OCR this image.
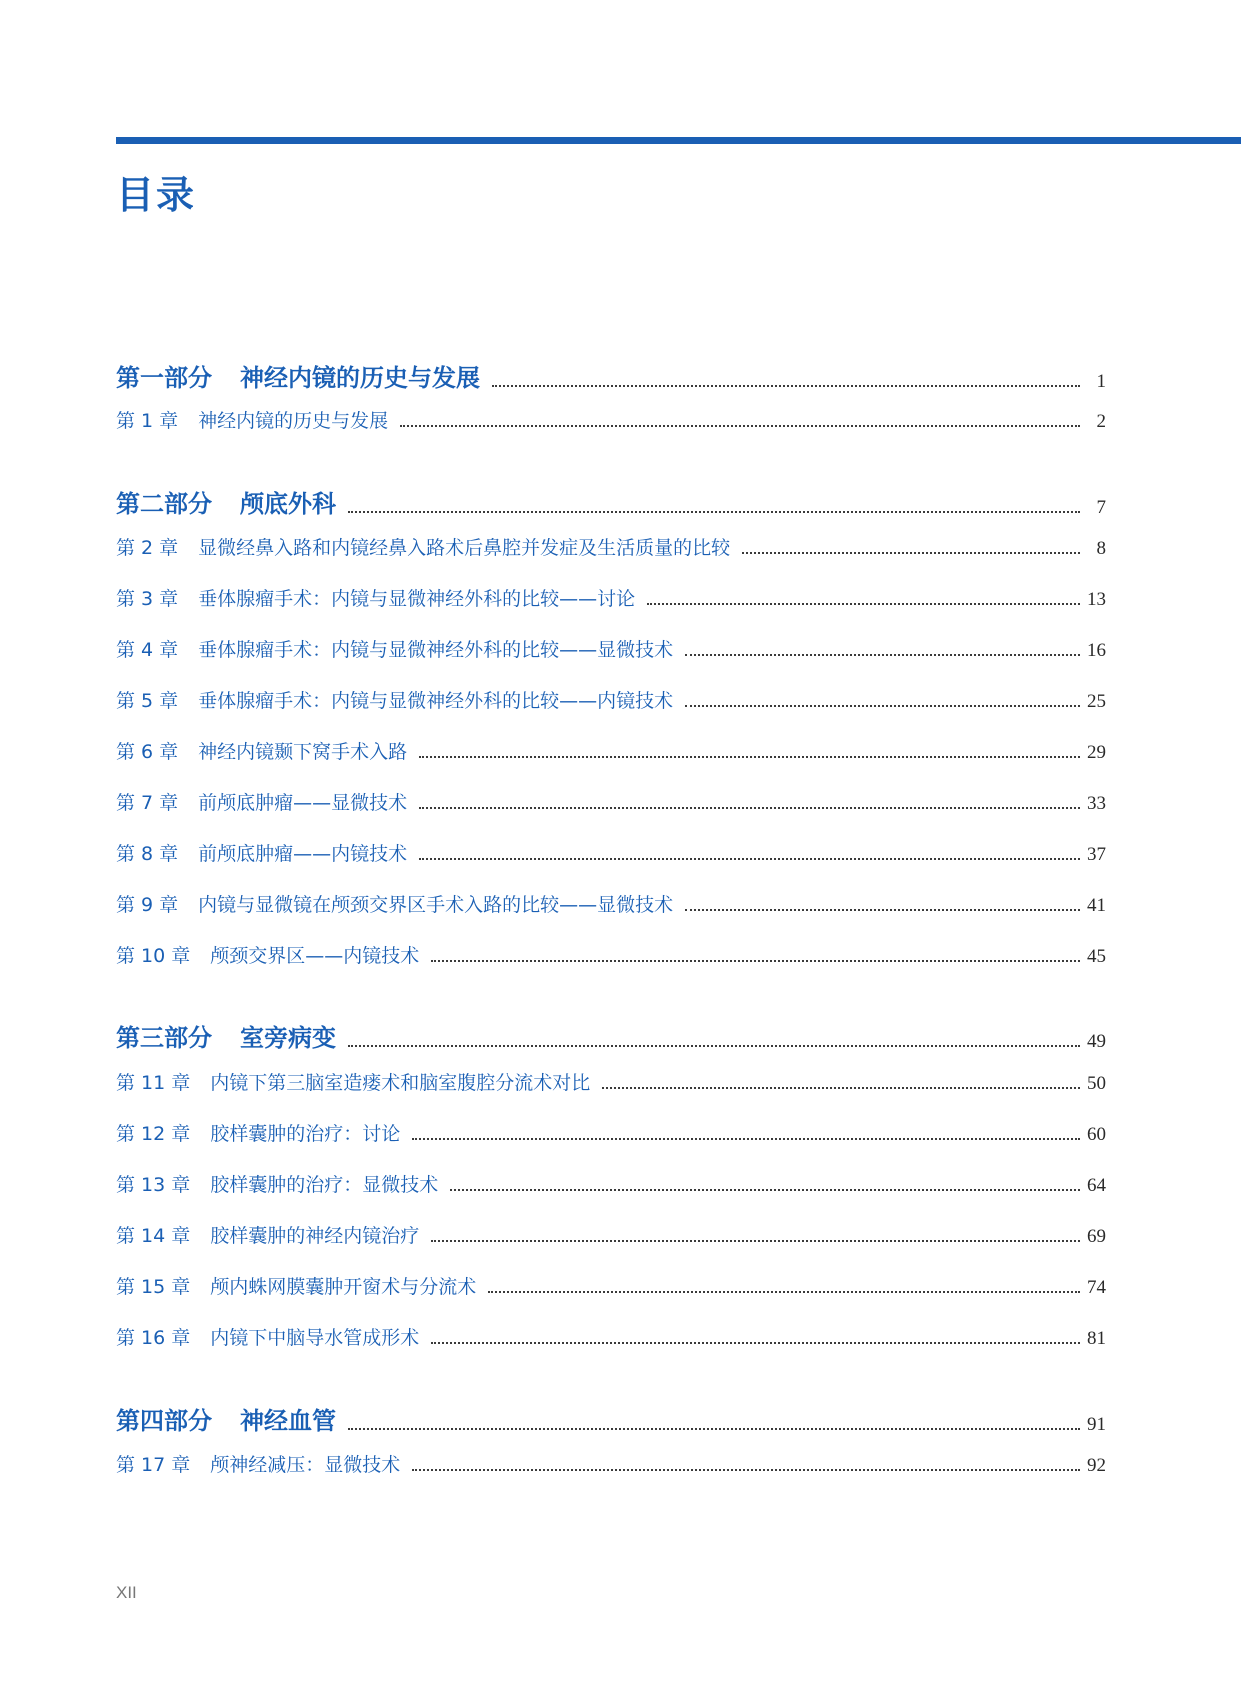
目录
第一部分 神经内镜的历史与发展	1
第 1 章 神经内镜的历史与发展	2
第二部分 颅底外科	7
第 2 章 显微经鼻入路和内镜经鼻入路术后鼻腔并发症及生活质量的比较	8
第 3 章 垂体腺瘤手术：内镜与显微神经外科的比较——讨论	13
第 4 章 垂体腺瘤手术：内镜与显微神经外科的比较——显微技术	16
第 5 章 垂体腺瘤手术：内镜与显微神经外科的比较——内镜技术	25
第 6 章 神经内镜颞下窝手术入路	29
第 7 章 前颅底肿瘤——显微技术	33
第 8 章 前颅底肿瘤——内镜技术	37
第 9 章 内镜与显微镜在颅颈交界区手术入路的比较——显微技术	41
第 10 章 颅颈交界区——内镜技术	45
第三部分 室旁病变	49
第 11 章 内镜下第三脑室造瘘术和脑室腹腔分流术对比	50
第 12 章 胶样囊肿的治疗：讨论	60
第 13 章 胶样囊肿的治疗：显微技术	64
第 14 章 胶样囊肿的神经内镜治疗	69
第 15 章 颅内蛛网膜囊肿开窗术与分流术	74
第 16 章 内镜下中脑导水管成形术	81
第四部分 神经血管	91
第 17 章 颅神经减压：显微技术	92
XII
